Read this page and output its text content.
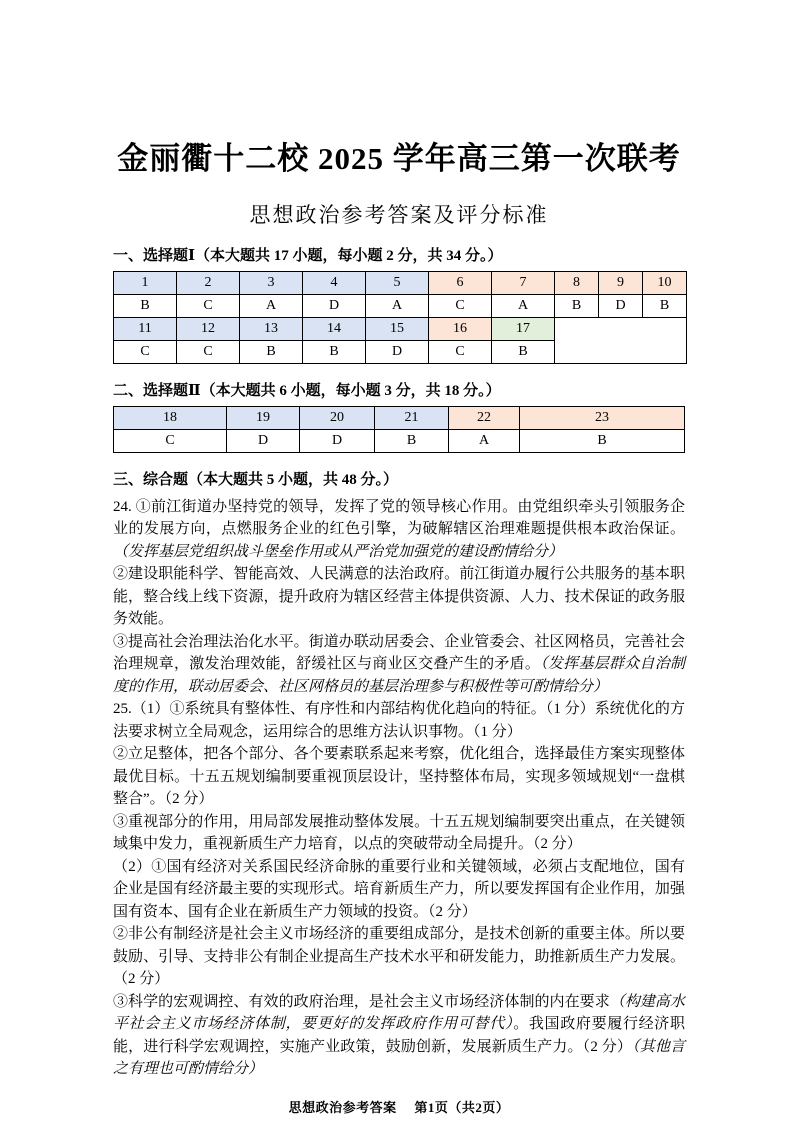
金丽衢十二校 2025 学年高三第一次联考
思想政治参考答案及评分标准

一、选择题Ⅰ（本大题共 17 小题，每小题 2 分，共 34 分。）

1	2	3	4	5	6	7	8	9	10
B	C	A	D	A	C	A	B	D	B
11	12	13	14	15	16	17			
C	C	B	B	D	C	B			

二、选择题Ⅱ（本大题共 6 小题，每小题 3 分，共 18 分。）

18	19	20	21	22	23
C	D	D	B	A	B

三、综合题（本大题共 5 小题，共 48 分。）

24. ①前江街道办坚持党的领导，发挥了党的领导核心作用。由党组织牵头引领服务企业的发展方向，点燃服务企业的红色引擎，为破解辖区治理难题提供根本政治保证。（发挥基层党组织战斗堡垒作用或从严治党加强党的建设酌情给分）

②建设职能科学、智能高效、人民满意的法治政府。前江街道办履行公共服务的基本职能，整合线上线下资源，提升政府为辖区经营主体提供资源、人力、技术保证的政务服务效能。

③提高社会治理法治化水平。街道办联动居委会、企业管委会、社区网格员，完善社会治理规章，激发治理效能，舒缓社区与商业区交叠产生的矛盾。（发挥基层群众自治制度的作用，联动居委会、社区网格员的基层治理参与积极性等可酌情给分）

25.（1）①系统具有整体性、有序性和内部结构优化趋向的特征。（1 分）系统优化的方法要求树立全局观念，运用综合的思维方法认识事物。（1 分）

②立足整体，把各个部分、各个要素联系起来考察，优化组合，选择最佳方案实现整体最优目标。十五五规划编制要重视顶层设计，坚持整体布局，实现多领域规划“一盘棋整合”。（2 分）

③重视部分的作用，用局部发展推动整体发展。十五五规划编制要突出重点，在关键领域集中发力，重视新质生产力培育，以点的突破带动全局提升。（2 分）

（2）①国有经济对关系国民经济命脉的重要行业和关键领域，必须占支配地位，国有企业是国有经济最主要的实现形式。培育新质生产力，所以要发挥国有企业作用，加强国有资本、国有企业在新质生产力领域的投资。（2 分）

②非公有制经济是社会主义市场经济的重要组成部分，是技术创新的重要主体。所以要鼓励、引导、支持非公有制企业提高生产技术水平和研发能力，助推新质生产力发展。（2 分）

③科学的宏观调控、有效的政府治理，是社会主义市场经济体制的内在要求（构建高水平社会主义市场经济体制，要更好的发挥政府作用可替代）。我国政府要履行经济职能，进行科学宏观调控，实施产业政策，鼓励创新，发展新质生产力。（2 分）（其他言之有理也可酌情给分）

思想政治参考答案 第1页（共2页）
